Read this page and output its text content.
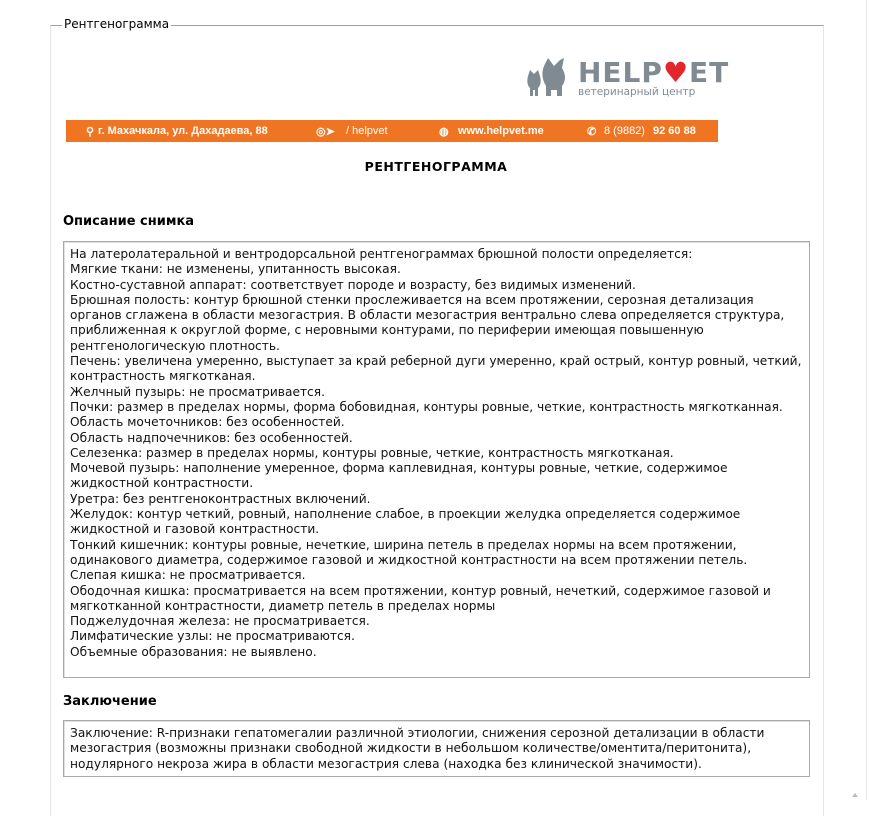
Рентгенограмма
HELP♥ET
ветеринарный центр
⚲ г. Махачкала, ул. Дахадаева, 88	◎➤ / helpvet	◍ www.helpvet.me	✆ 8 (9882) 92 60 88
РЕНТГЕНОГРАММА
Описание снимка
На латеролатеральной и вентродорсальной рентгенограммах брюшной полости определяется:
Мягкие ткани: не изменены, упитанность высокая.
Костно-суставной аппарат: соответствует породе и возрасту, без видимых изменений.
Брюшная полость: контур брюшной стенки прослеживается на всем протяжении, серозная детализация органов сглажена в области мезогастрия. В области мезогастрия вентрально слева определяется структура, приближенная к округлой форме, с неровными контурами, по периферии имеющая повышенную рентгенологическую плотность.
Печень: увеличена умеренно, выступает за край реберной дуги умеренно, край острый, контур ровный, четкий, контрастность мягкотканая.
Желчный пузырь: не просматривается.
Почки: размер в пределах нормы, форма бобовидная, контуры ровные, четкие, контрастность мягкотканная.
Область мочеточников: без особенностей.
Область надпочечников: без особенностей.
Селезенка: размер в пределах нормы, контуры ровные, четкие, контрастность мягкотканая.
Мочевой пузырь: наполнение умеренное, форма каплевидная, контуры ровные, четкие, содержимое жидкостной контрастности.
Уретра: без рентгеноконтрастных включений.
Желудок: контур четкий, ровный, наполнение слабое, в проекции желудка определяется содержимое жидкостной и газовой контрастности.
Тонкий кишечник: контуры ровные, нечеткие, ширина петель в пределах нормы на всем протяжении, одинакового диаметра, содержимое газовой и жидкостной контрастности на всем протяжении петель.
Слепая кишка: не просматривается.
Ободочная кишка: просматривается на всем протяжении, контур ровный, нечеткий, содержимое газовой и мягкотканной контрастности, диаметр петель в пределах нормы
Поджелудочная железа: не просматривается.
Лимфатические узлы: не просматриваются.
Объемные образования: не выявлено.
Заключение
Заключение: R-признаки гепатомегалии различной этиологии, снижения серозной детализации в области мезогастрия (возможны признаки свободной жидкости в небольшом количестве/оментита/перитонита), нодулярного некроза жира в области мезогастрия слева (находка без клинической значимости).
